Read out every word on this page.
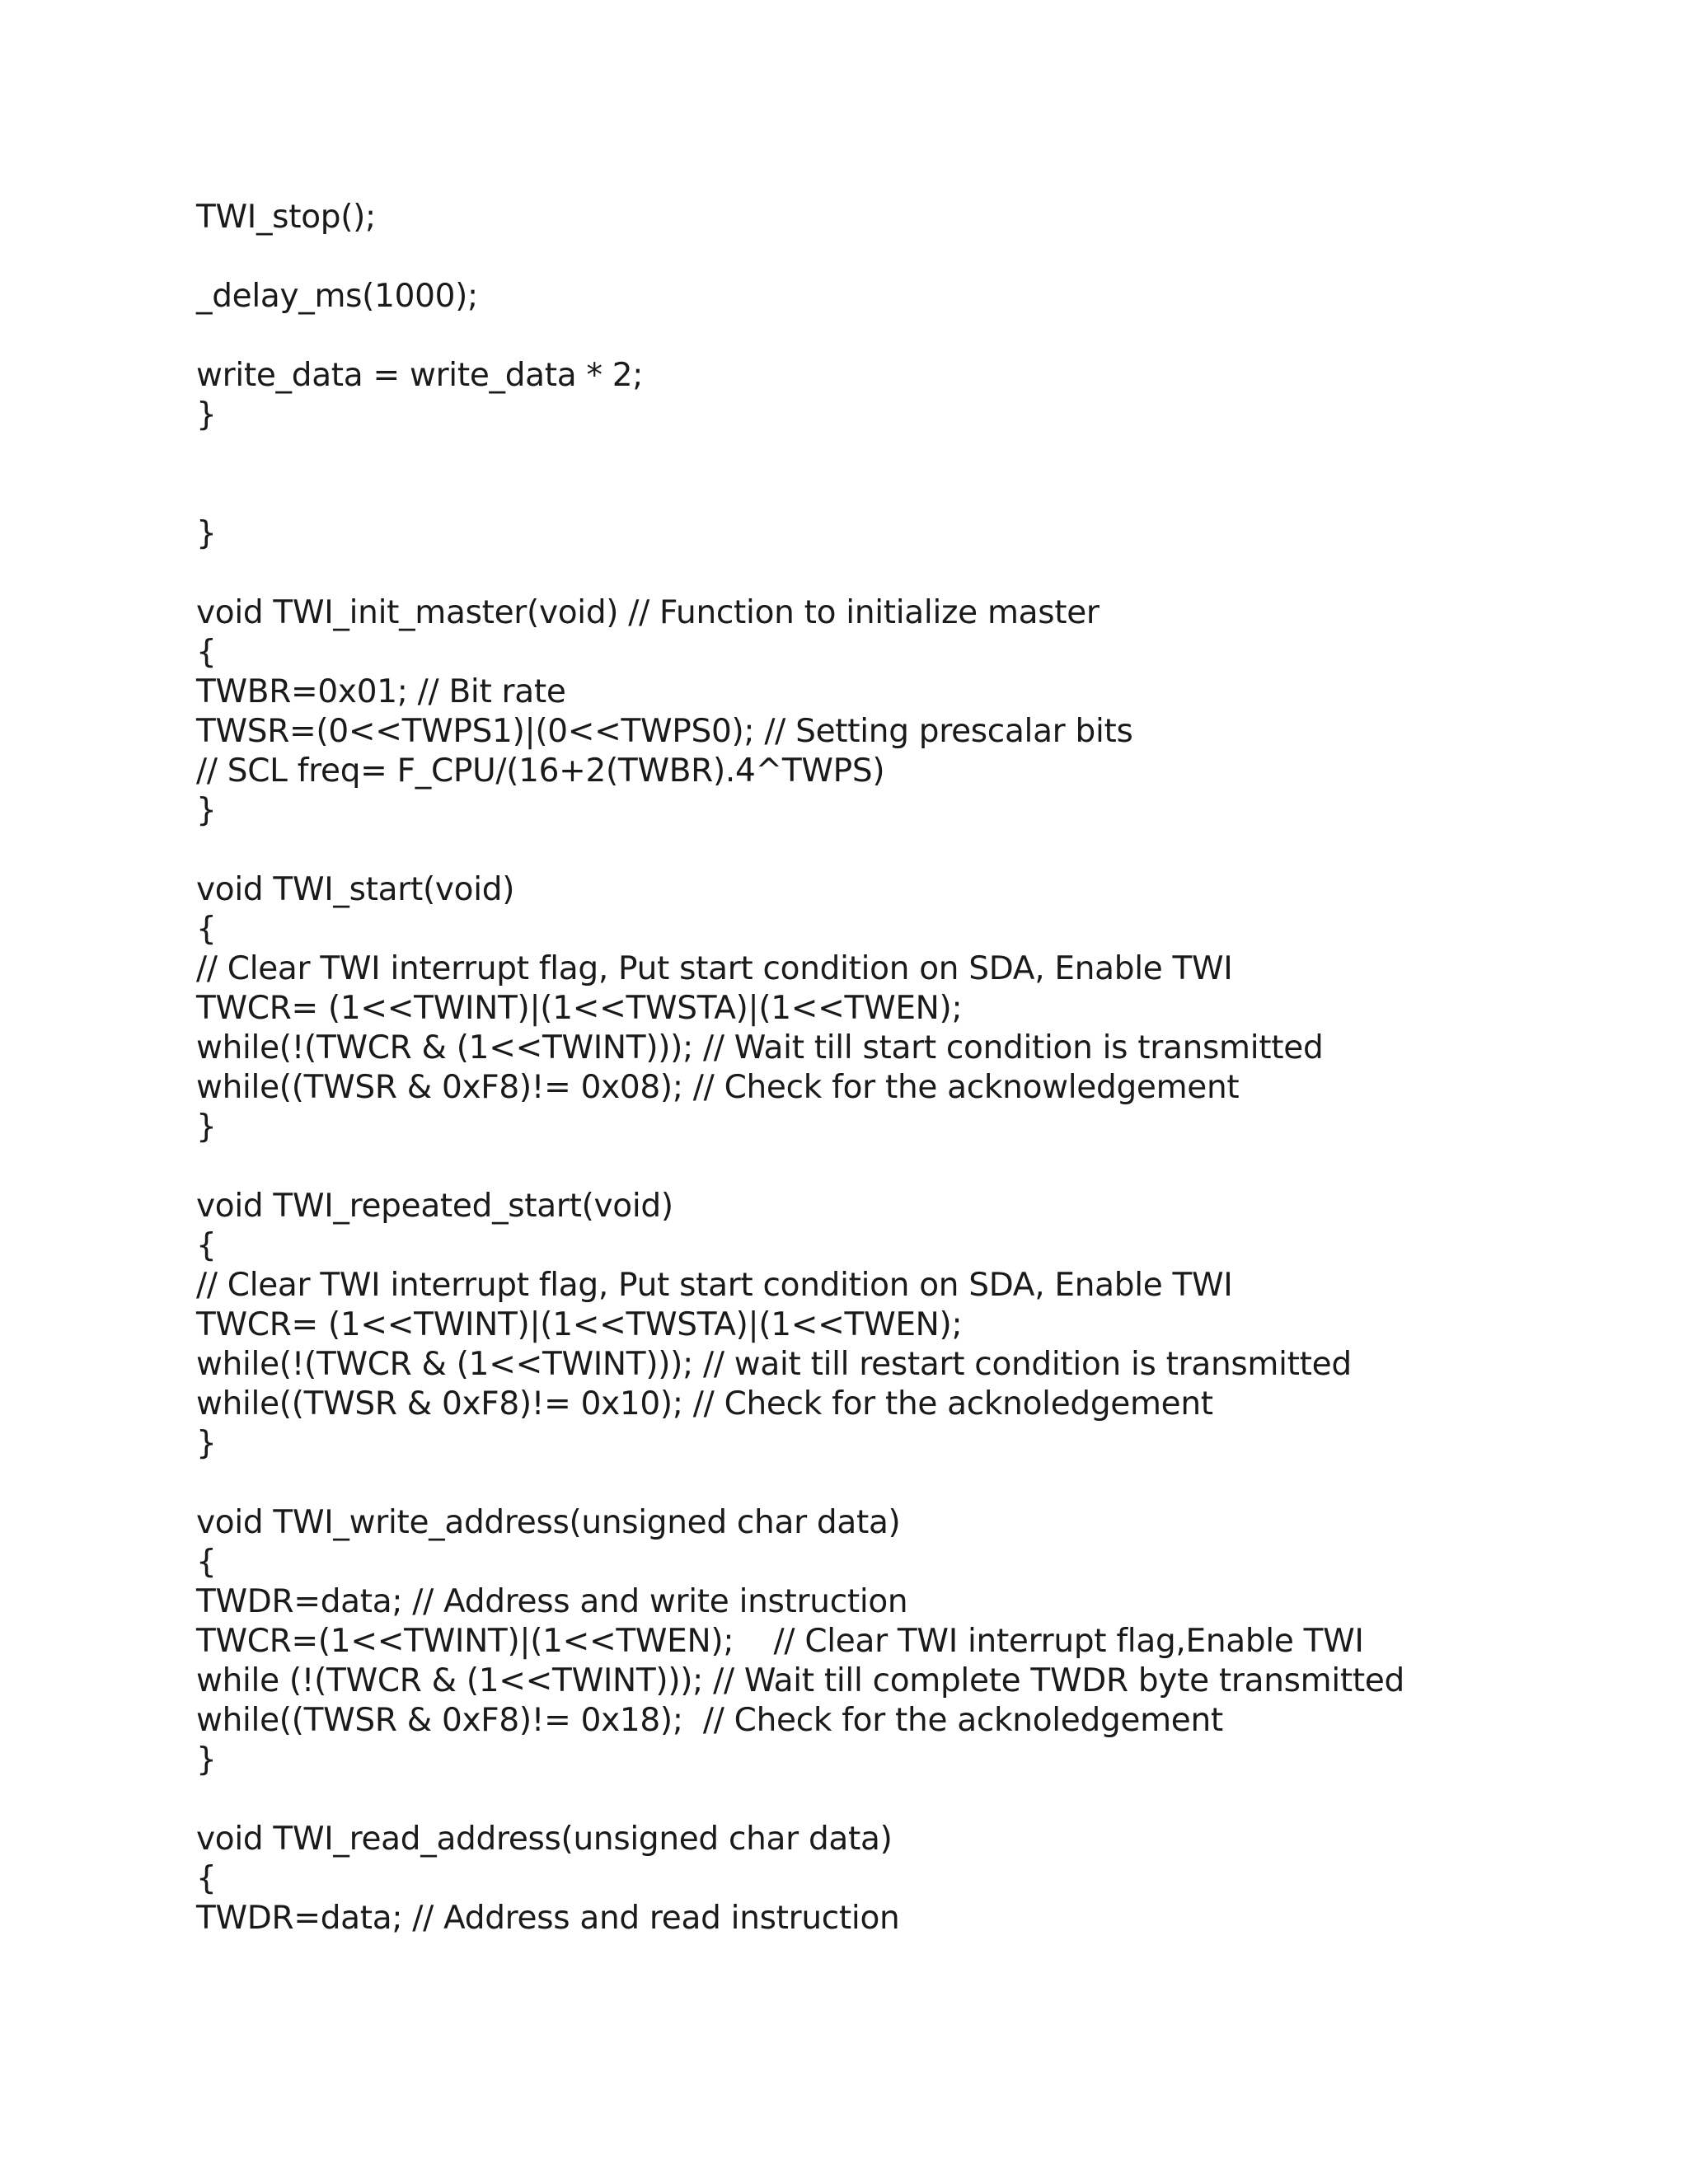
TWI_stop();
_delay_ms(1000);
write_data = write_data * 2;
}
}
void TWI_init_master(void) // Function to initialize master
{
TWBR=0x01; // Bit rate
TWSR=(0<<TWPS1)|(0<<TWPS0); // Setting prescalar bits
// SCL freq= F_CPU/(16+2(TWBR).4^TWPS)
}
void TWI_start(void)
{
// Clear TWI interrupt flag, Put start condition on SDA, Enable TWI
TWCR= (1<<TWINT)|(1<<TWSTA)|(1<<TWEN);
while(!(TWCR & (1<<TWINT))); // Wait till start condition is transmitted
while((TWSR & 0xF8)!= 0x08); // Check for the acknowledgement
}
void TWI_repeated_start(void)
{
// Clear TWI interrupt flag, Put start condition on SDA, Enable TWI
TWCR= (1<<TWINT)|(1<<TWSTA)|(1<<TWEN);
while(!(TWCR & (1<<TWINT))); // wait till restart condition is transmitted
while((TWSR & 0xF8)!= 0x10); // Check for the acknoledgement
}
void TWI_write_address(unsigned char data)
{
TWDR=data; // Address and write instruction
TWCR=(1<<TWINT)|(1<<TWEN);    // Clear TWI interrupt flag,Enable TWI
while (!(TWCR & (1<<TWINT))); // Wait till complete TWDR byte transmitted
while((TWSR & 0xF8)!= 0x18);  // Check for the acknoledgement
}
void TWI_read_address(unsigned char data)
{
TWDR=data; // Address and read instruction
